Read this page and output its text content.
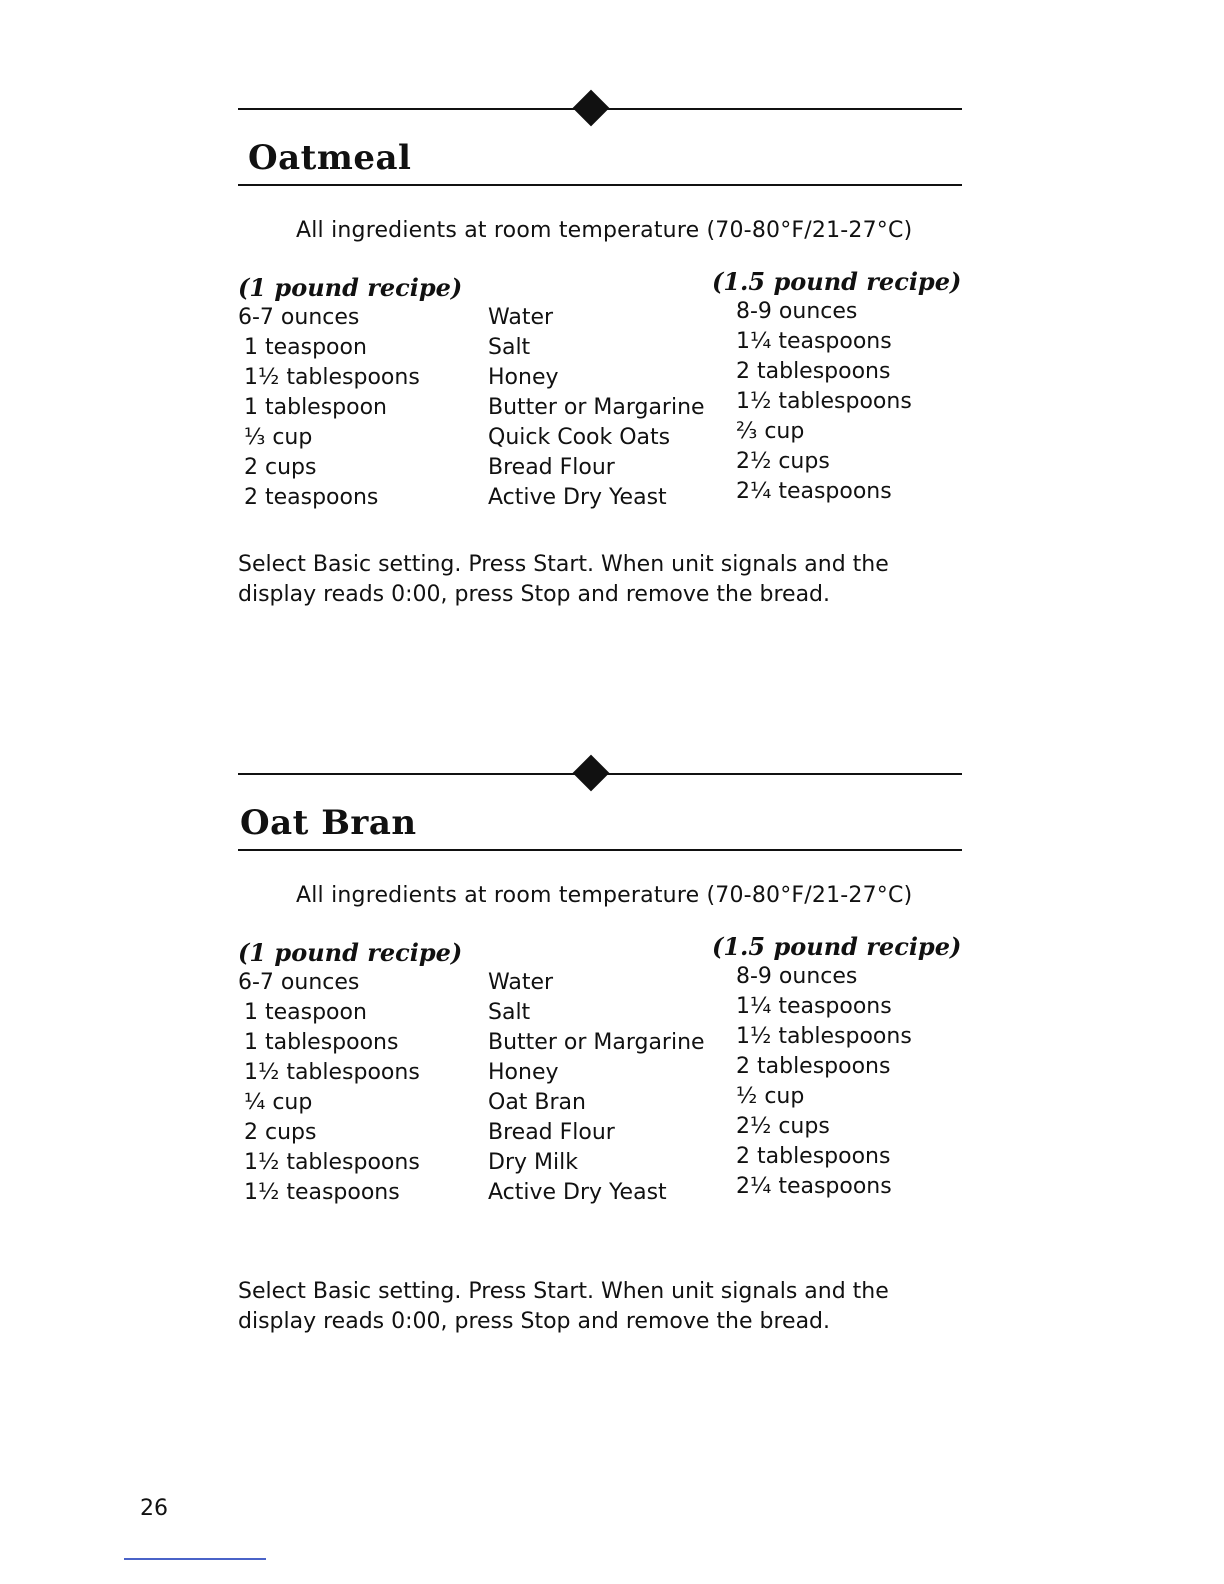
Oatmeal

All ingredients at room temperature (70-80°F/21-27°C)

(1 pound recipe)
6-7 ounces
1 teaspoon
1½ tablespoons
1 tablespoon
⅓ cup
2 cups
2 teaspoons
Water
Salt
Honey
Butter or Margarine
Quick Cook Oats
Bread Flour
Active Dry Yeast
(1.5 pound recipe)
8-9 ounces
1¼ teaspoons
2 tablespoons
1½ tablespoons
⅔ cup
2½ cups
2¼ teaspoons

Select Basic setting. Press Start. When unit signals and the display reads 0:00, press Stop and remove the bread.

Oat Bran

All ingredients at room temperature (70-80°F/21-27°C)

(1 pound recipe)
6-7 ounces
1 teaspoon
1 tablespoons
1½ tablespoons
¼ cup
2 cups
1½ tablespoons
1½ teaspoons
Water
Salt
Butter or Margarine
Honey
Oat Bran
Bread Flour
Dry Milk
Active Dry Yeast
(1.5 pound recipe)
8-9 ounces
1¼ teaspoons
1½ tablespoons
2 tablespoons
½ cup
2½ cups
2 tablespoons
2¼ teaspoons

Select Basic setting. Press Start. When unit signals and the display reads 0:00, press Stop and remove the bread.

26
